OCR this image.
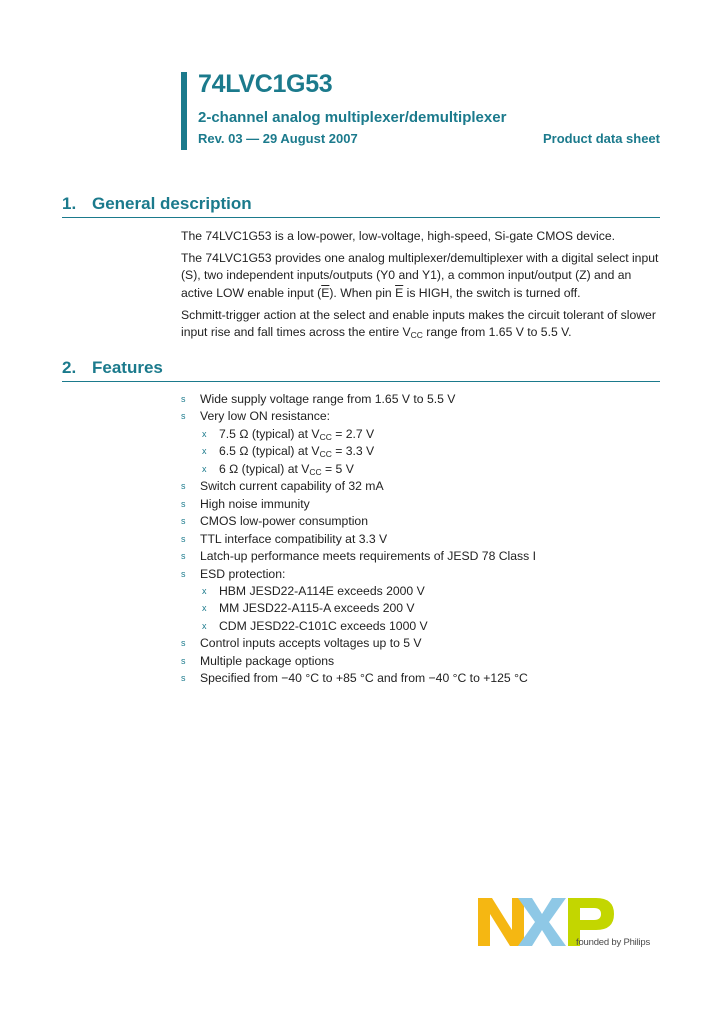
74LVC1G53
2-channel analog multiplexer/demultiplexer
Rev. 03 — 29 August 2007	Product data sheet
1. General description

The 74LVC1G53 is a low-power, low-voltage, high-speed, Si-gate CMOS device.

The 74LVC1G53 provides one analog multiplexer/demultiplexer with a digital select input (S), two independent inputs/outputs (Y0 and Y1), a common input/output (Z) and an active LOW enable input $(\overline{E})$. When pin $\overline{E}$ is HIGH, the switch is turned off.

Schmitt-trigger action at the select and enable inputs makes the circuit tolerant of slower input rise and fall times across the entire $V_{CC}$ range from 1.65 V to 5.5 V.

2. Features
s Wide supply voltage range from 1.65 V to 5.5 V
s Very low ON resistance:
x 7.5 Ω (typical) at $V_{CC} = 2.7$ V
x 6.5 Ω (typical) at $V_{CC} = 3.3$ V
x 6 Ω (typical) at $V_{CC} = 5$ V
s Switch current capability of 32 mA
s High noise immunity
s CMOS low-power consumption
s TTL interface compatibility at 3.3 V
s Latch-up performance meets requirements of JESD 78 Class I
s ESD protection:
x HBM JESD22-A114E exceeds 2000 V
x MM JESD22-A115-A exceeds 200 V
x CDM JESD22-C101C exceeds 1000 V
s Control inputs accepts voltages up to 5 V
s Multiple package options
s Specified from −40 °C to +85 °C and from −40 °C to +125 °C
founded by Philips
